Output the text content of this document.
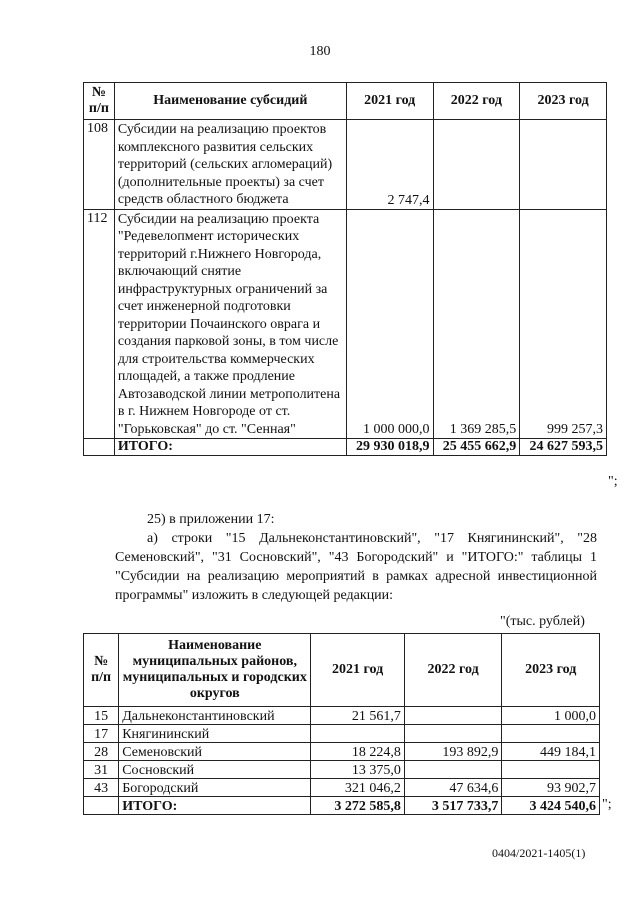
180
№ п/п	Наименование субсидий	2021 год	2022 год	2023 год
108	Субсидии на реализацию проектов комплексного развития сельских территорий (сельских агломераций) (дополнительные проекты) за счет средств областного бюджета	2 747,4		
112	Субсидии на реализацию проекта "Редевелопмент исторических территорий г.Нижнего Новгорода, включающий снятие инфраструктурных ограничений за счет инженерной подготовки территории Почаинского оврага и создания парковой зоны, в том числе для строительства коммерческих площадей, а также продление Автозаводской линии метрополитена в г. Нижнем Новгороде от ст. "Горьковская" до ст. "Сенная"	1 000 000,0	1 369 285,5	999 257,3
	ИТОГО:	29 930 018,9	25 455 662,9	24 627 593,5
";
25) в приложении 17:
а) строки "15 Дальнеконстантиновский", "17 Княгининский", "28 Семеновский", "31 Сосновский", "43 Богородский" и "ИТОГО:" таблицы 1 "Субсидии на реализацию мероприятий в рамках адресной инвестиционной программы" изложить в следующей редакции:
"(тыс. рублей)
№ п/п	Наименование муниципальных районов, муниципальных и городских округов	2021 год	2022 год	2023 год
15	Дальнеконстантиновский	21 561,7		1 000,0
17	Княгининский			
28	Семеновский	18 224,8	193 892,9	449 184,1
31	Сосновский	13 375,0		
43	Богородский	321 046,2	47 634,6	93 902,7
	ИТОГО:	3 272 585,8	3 517 733,7	3 424 540,6 ";
0404/2021-1405(1)
